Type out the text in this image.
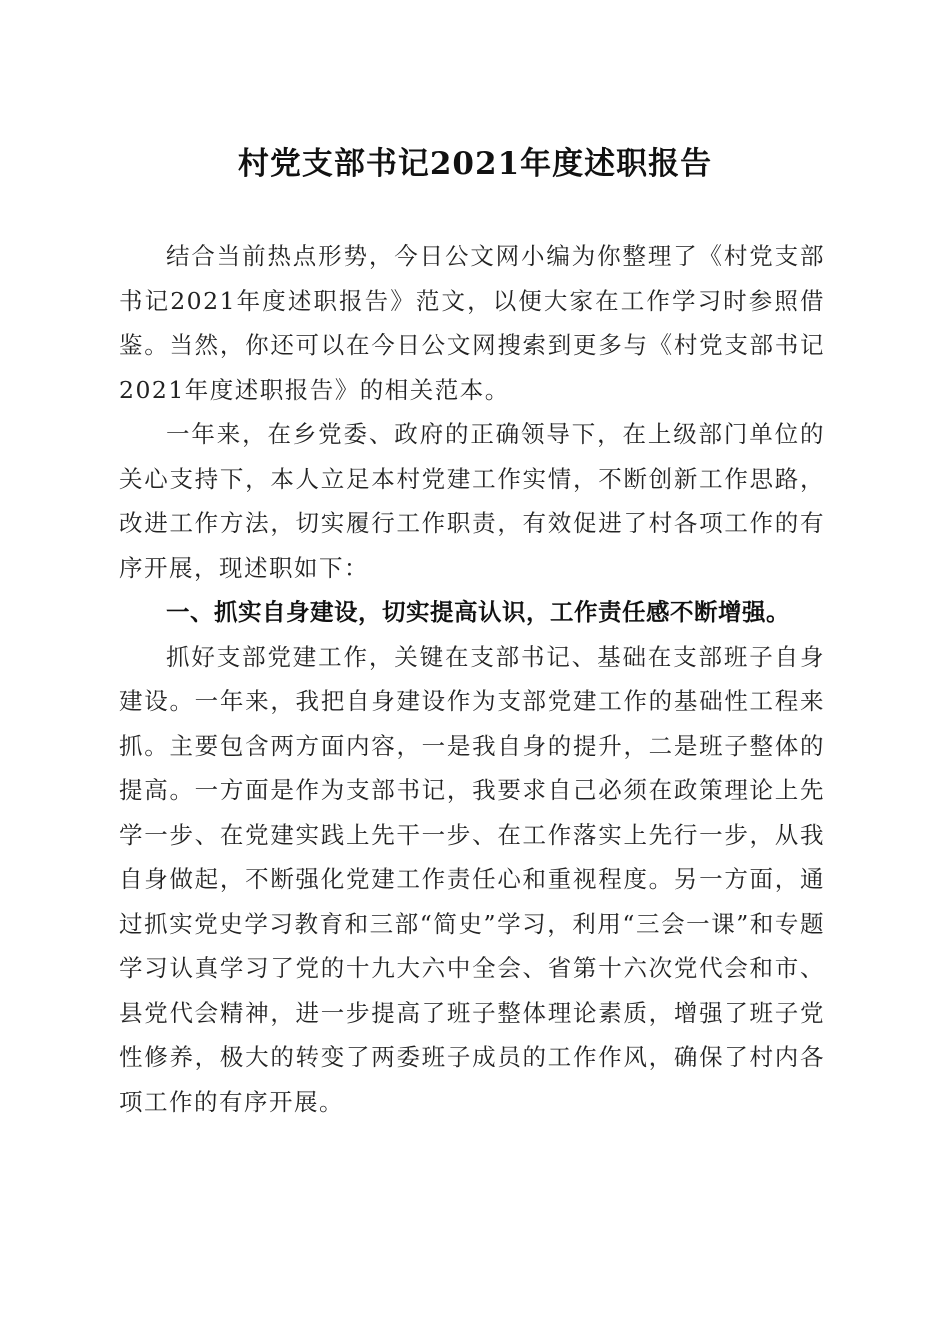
村党支部书记2021年度述职报告

结合当前热点形势，今日公文网小编为你整理了《村党支部书记2021年度述职报告》范文，以便大家在工作学习时参照借鉴。当然，你还可以在今日公文网搜索到更多与《村党支部书记2021年度述职报告》的相关范本。

一年来，在乡党委、政府的正确领导下，在上级部门单位的关心支持下，本人立足本村党建工作实情，不断创新工作思路，改进工作方法，切实履行工作职责，有效促进了村各项工作的有序开展，现述职如下：

一、抓实自身建设，切实提高认识，工作责任感不断增强。

抓好支部党建工作，关键在支部书记、基础在支部班子自身建设。一年来，我把自身建设作为支部党建工作的基础性工程来抓。主要包含两方面内容，一是我自身的提升，二是班子整体的提高。一方面是作为支部书记，我要求自己必须在政策理论上先学一步、在党建实践上先干一步、在工作落实上先行一步，从我自身做起，不断强化党建工作责任心和重视程度。另一方面，通过抓实党史学习教育和三部“简史”学习，利用“三会一课”和专题学习认真学习了党的十九大六中全会、省第十六次党代会和市、县党代会精神，进一步提高了班子整体理论素质，增强了班子党性修养，极大的转变了两委班子成员的工作作风，确保了村内各项工作的有序开展。
